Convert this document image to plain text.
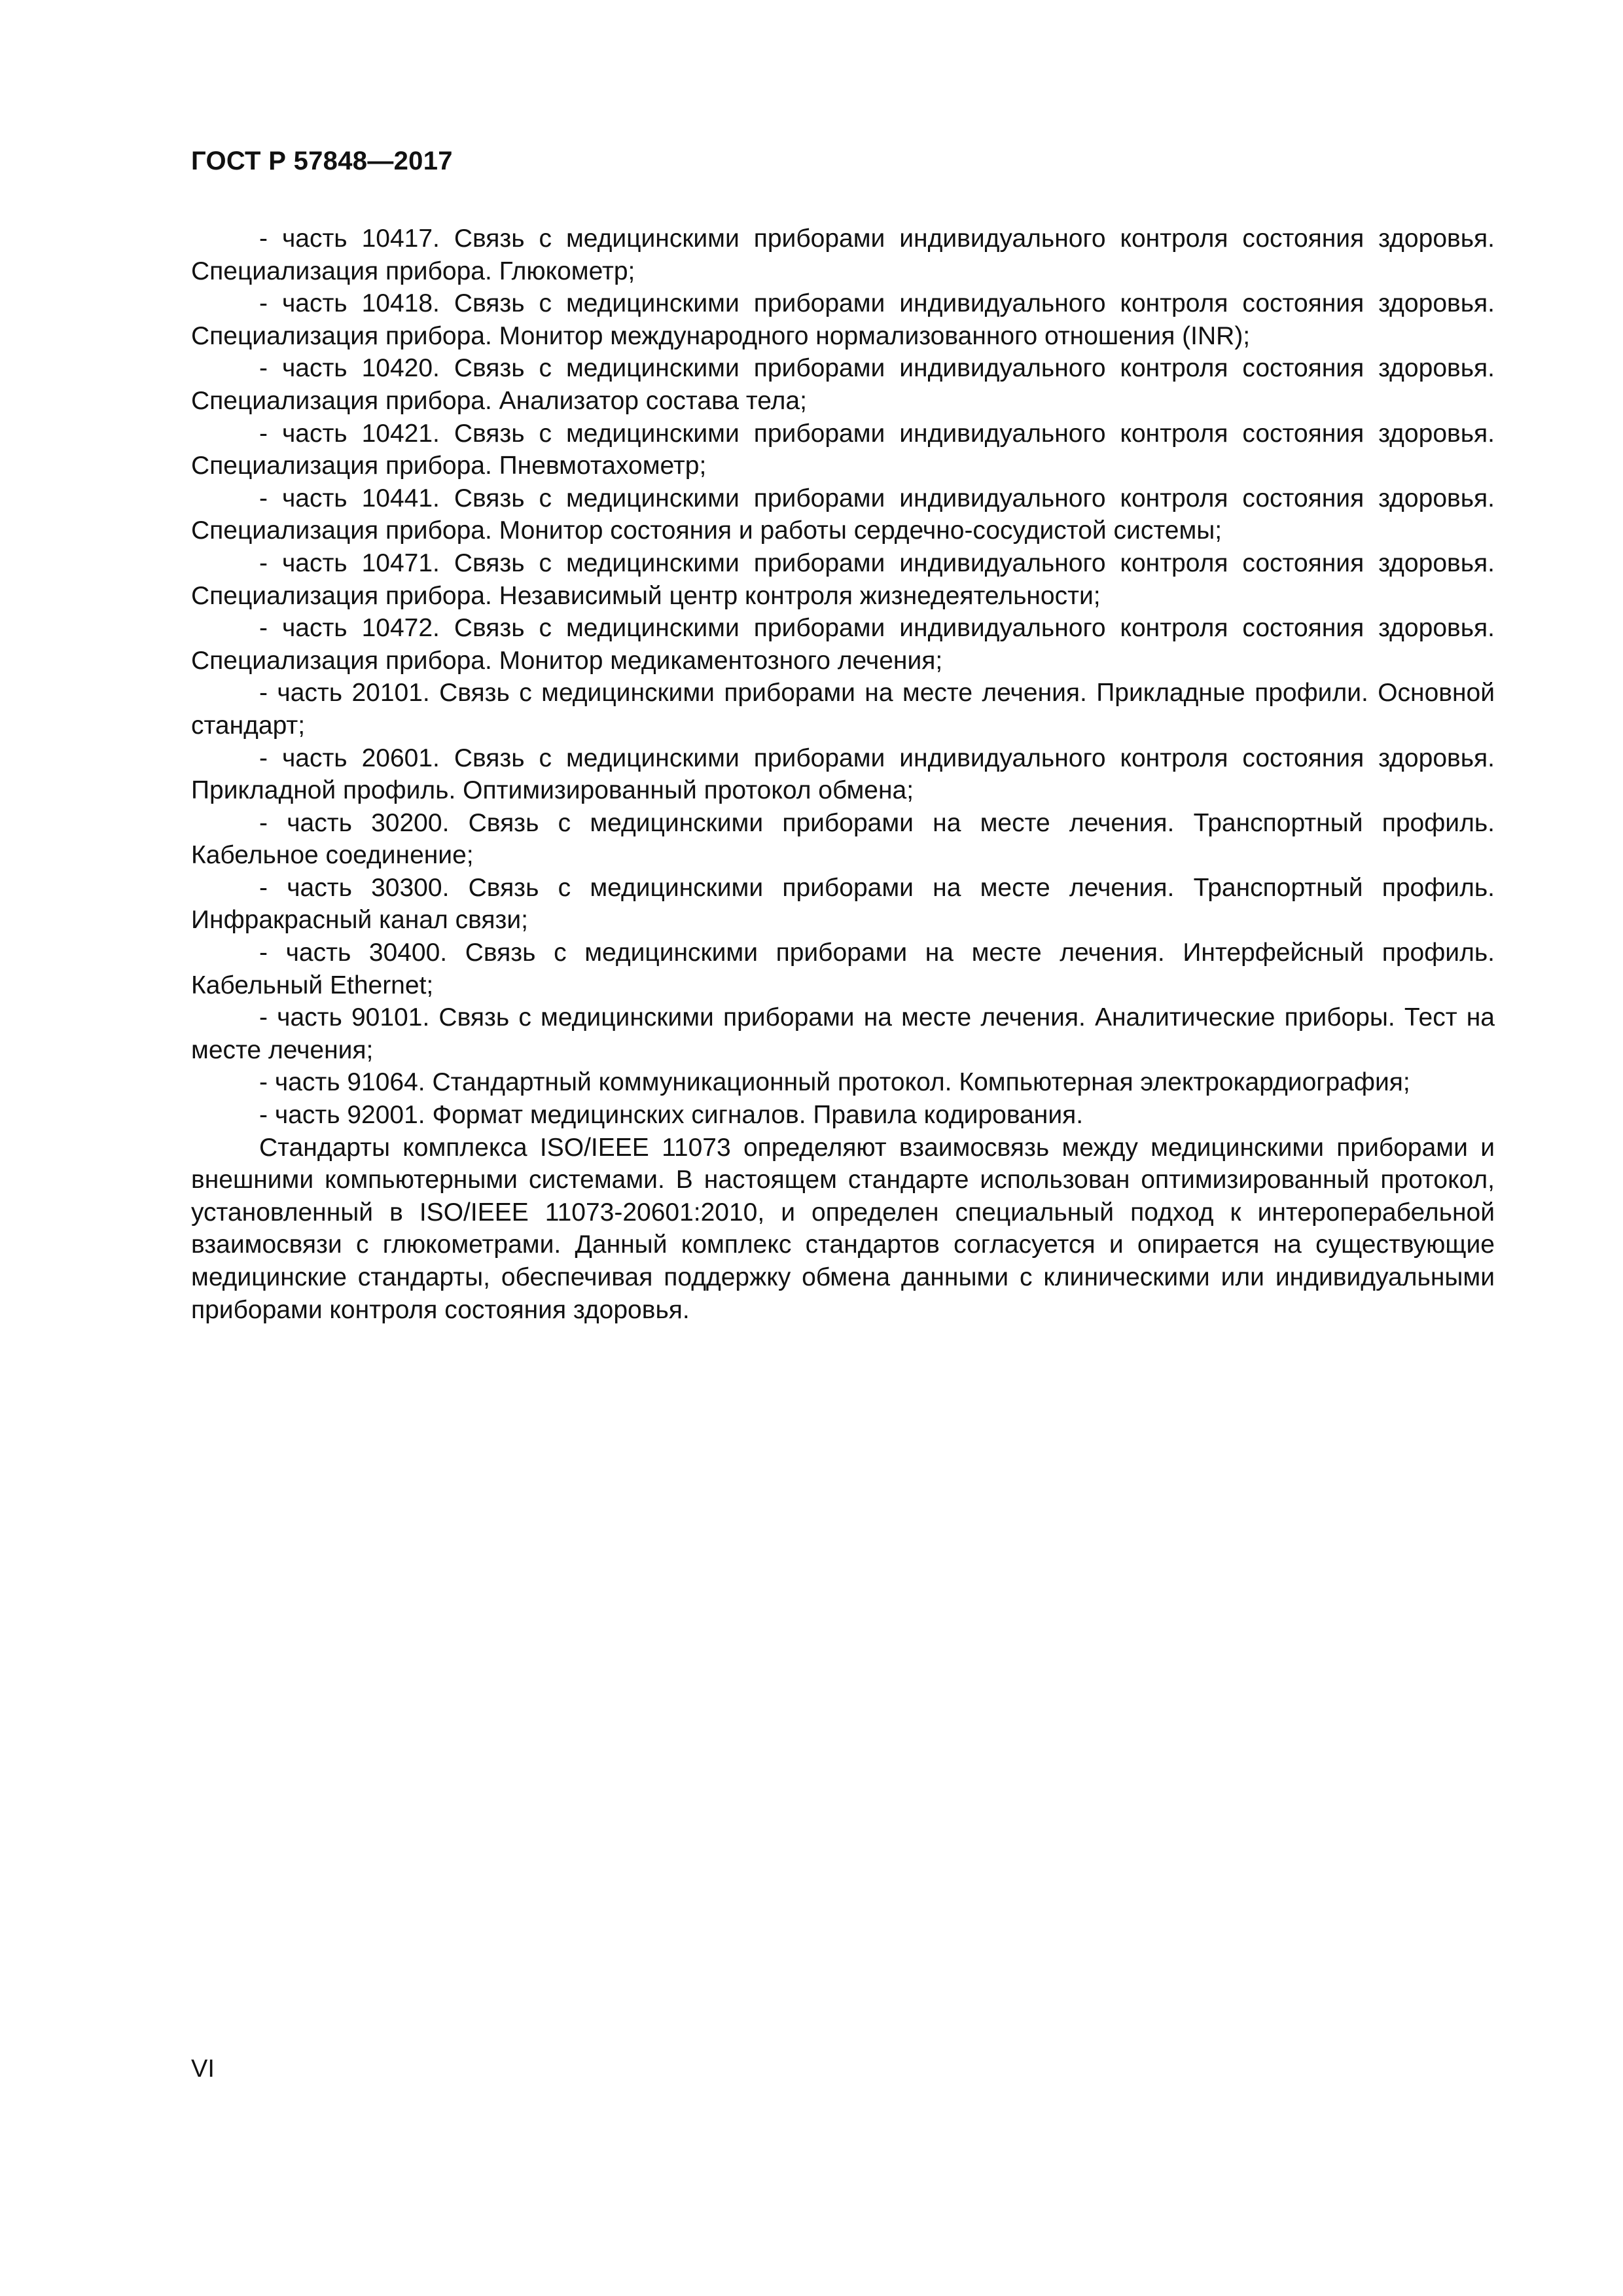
ГОСТ Р 57848—2017

- часть 10417. Связь с медицинскими приборами индивидуального контроля состояния здоровья. Специализация прибора. Глюкометр;

- часть 10418. Связь с медицинскими приборами индивидуального контроля состояния здоровья. Специализация прибора. Монитор международного нормализованного отношения (INR);

- часть 10420. Связь с медицинскими приборами индивидуального контроля состояния здоровья. Специализация прибора. Анализатор состава тела;

- часть 10421. Связь с медицинскими приборами индивидуального контроля состояния здоровья. Специализация прибора. Пневмотахометр;

- часть 10441. Связь с медицинскими приборами индивидуального контроля состояния здоровья. Специализация прибора. Монитор состояния и работы сердечно-сосудистой системы;

- часть 10471. Связь с медицинскими приборами индивидуального контроля состояния здоровья. Специализация прибора. Независимый центр контроля жизнедеятельности;

- часть 10472. Связь с медицинскими приборами индивидуального контроля состояния здоровья. Специализация прибора. Монитор медикаментозного лечения;

- часть 20101. Связь с медицинскими приборами на месте лечения. Прикладные профили. Основной стандарт;

- часть 20601. Связь с медицинскими приборами индивидуального контроля состояния здоровья. Прикладной профиль. Оптимизированный протокол обмена;

- часть 30200. Связь с медицинскими приборами на месте лечения. Транспортный профиль. Кабельное соединение;

- часть 30300. Связь с медицинскими приборами на месте лечения. Транспортный профиль. Инфракрасный канал связи;

- часть 30400. Связь с медицинскими приборами на месте лечения. Интерфейсный профиль. Кабельный Ethernet;

- часть 90101. Связь с медицинскими приборами на месте лечения. Аналитические приборы. Тест на месте лечения;

- часть 91064. Стандартный коммуникационный протокол. Компьютерная электрокардиография;

- часть 92001. Формат медицинских сигналов. Правила кодирования.

Стандарты комплекса ISO/IEEE 11073 определяют взаимосвязь между медицинскими приборами и внешними компьютерными системами. В настоящем стандарте использован оптимизированный протокол, установленный в ISO/IEEE 11073-20601:2010, и определен специальный подход к интероперабельной взаимосвязи с глюкометрами. Данный комплекс стандартов согласуется и опирается на существующие медицинские стандарты, обеспечивая поддержку обмена данными с клиническими или индивидуальными приборами контроля состояния здоровья.

VI
